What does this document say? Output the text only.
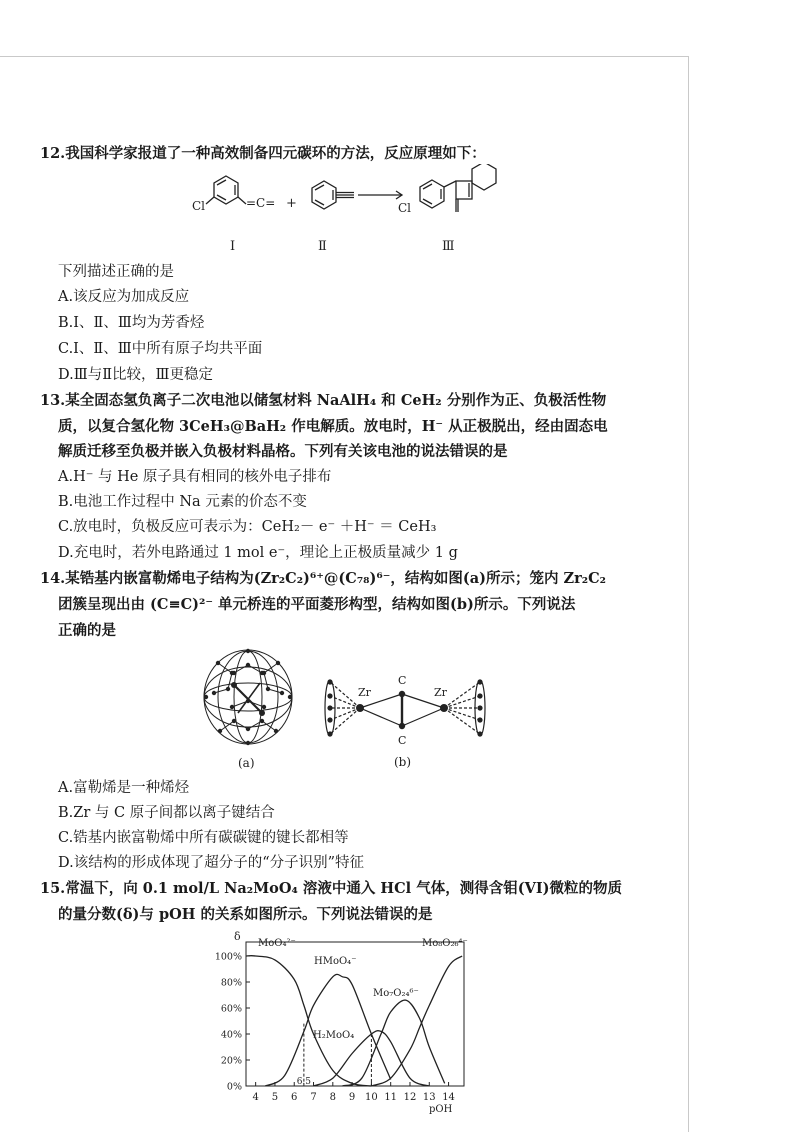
12.我国科学家报道了一种高效制备四元碳环的方法，反应原理如下：
Cl	=C= +	Cl
Ⅰ	Ⅱ	Ⅲ
下列描述正确的是
A.该反应为加成反应
B.Ⅰ、Ⅱ、Ⅲ均为芳香烃
C.Ⅰ、Ⅱ、Ⅲ中所有原子均共平面
D.Ⅲ与Ⅱ比较，Ⅲ更稳定
13.某全固态氢负离子二次电池以储氢材料 NaAlH₄ 和 CeH₂ 分别作为正、负极活性物
质，以复合氢化物 3CeH₃@BaH₂ 作电解质。放电时，H⁻ 从正极脱出，经由固态电
解质迁移至负极并嵌入负极材料晶格。下列有关该电池的说法错误的是
A.H⁻ 与 He 原子具有相同的核外电子排布
B.电池工作过程中 Na 元素的价态不变
C.放电时，负极反应可表示为：CeH₂－ e⁻ ＋H⁻ ＝ CeH₃
D.充电时，若外电路通过 1 mol e⁻，理论上正极质量减少 1 g
14.某锆基内嵌富勒烯电子结构为(Zr₂C₂)⁶⁺@(C₇₈)⁶⁻，结构如图(a)所示；笼内 Zr₂C₂
团簇呈现出由 (C≡C)²⁻ 单元桥连的平面菱形构型，结构如图(b)所示。下列说法
正确的是
(a)
Zr	Zr
C
C
(b)
A.富勒烯是一种烯烃
B.Zr 与 C 原子间都以离子键结合
C.锆基内嵌富勒烯中所有碳碳键的键长都相等
D.该结构的形成体现了超分子的“分子识别”特征
15.常温下，向 0.1 mol/L Na₂MoO₄ 溶液中通入 HCl 气体，测得含钼(VI)微粒的物质
的量分数(δ)与 pOH 的关系如图所示。下列说法错误的是
6.5
0%
20%
40%
60%
80%
100%
4 5 6 7 8 9 10 11 12 13 14
δ
pOH
MoO₄²⁻
HMoO₄⁻
H₂MoO₄
Mo₇O₂₄⁶⁻
Mo₈O₂₆⁴⁻
